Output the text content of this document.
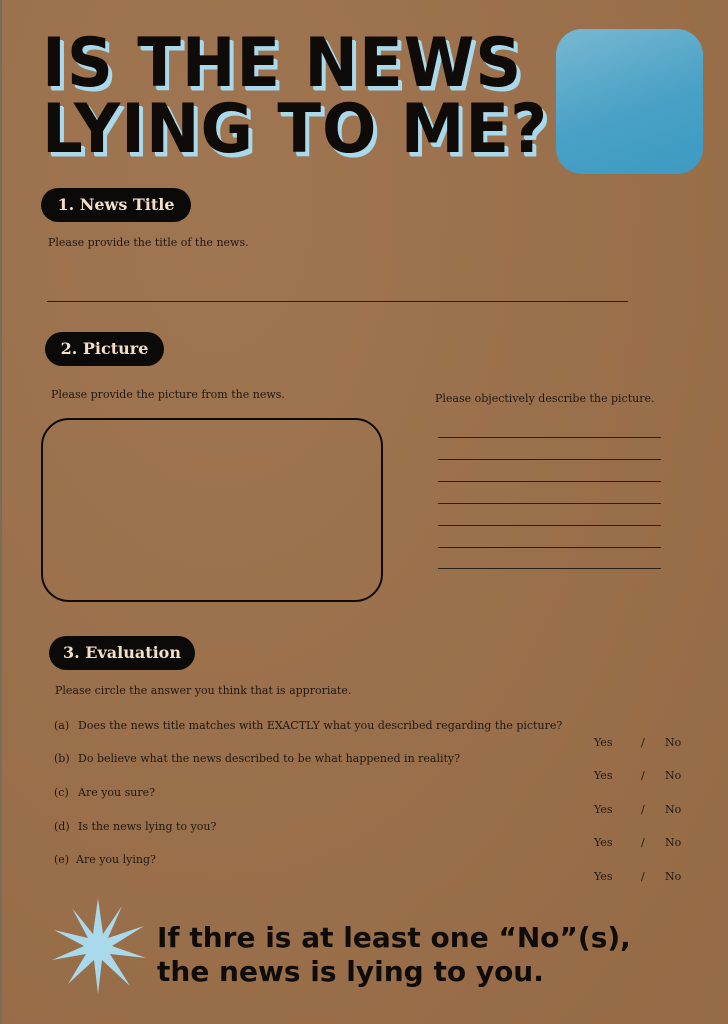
IS THE NEWS
LYING TO ME?
1. News Title
Please provide the title of the news.
2. Picture
Please provide the picture from the news.	Please objectively describe the picture.
3. Evaluation
Please circle the answer you think that is approriate.
(a) Does the news title matches with EXACTLY what you described regarding the picture?
Yes	/ No
(b) Do believe what the news described to be what happened in reality?
Yes	/ No
(c) Are you sure?
Yes	/ No
(d) Is the news lying to you?
Yes	/ No
(e) Are you lying?
Yes	/ No
If thre is at least one “No”(s),
the news is lying to you.
